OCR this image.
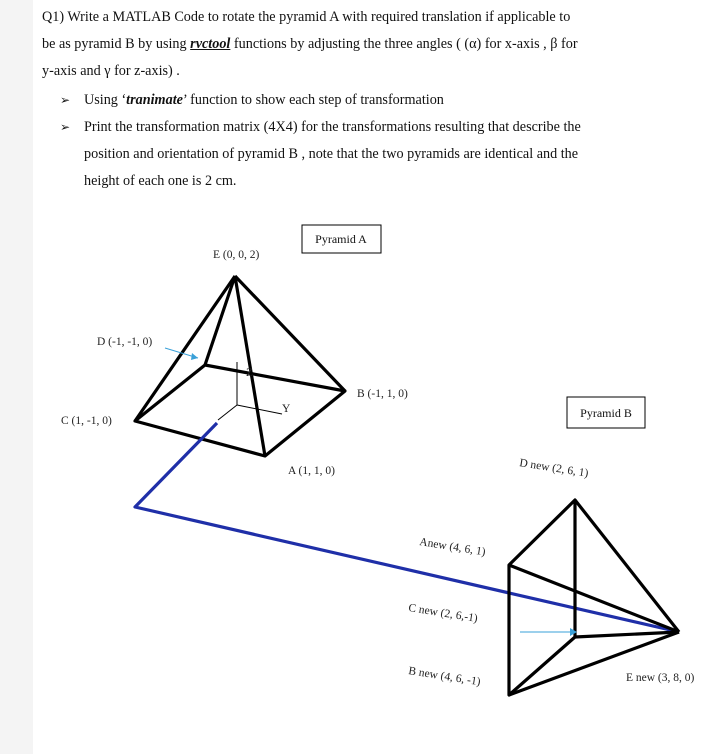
Q1) Write a MATLAB Code to rotate the pyramid A with required translation if applicable to

be as pyramid B by using rvctool functions by adjusting the three angles ( (α) for x-axis , β for

y-axis and γ for z-axis) .

➢ Using ‘tranimate’ function to show each step of transformation
➢ Print the transformation matrix (4X4) for the transformations resulting that describe the
position and orientation of pyramid B , note that the two pyramids are identical and the
height of each one is 2 cm.
Z
Y
Pyramid A
Pyramid B
E (0, 0, 2)
D (-1, -1, 0)
B (-1, 1, 0)
C (1, -1, 0)
A (1, 1, 0)	D new (2, 6, 1)
Anew (4, 6, 1)
C new (2, 6,-1)
B new (4, 6, -1)	E new (3, 8, 0)
